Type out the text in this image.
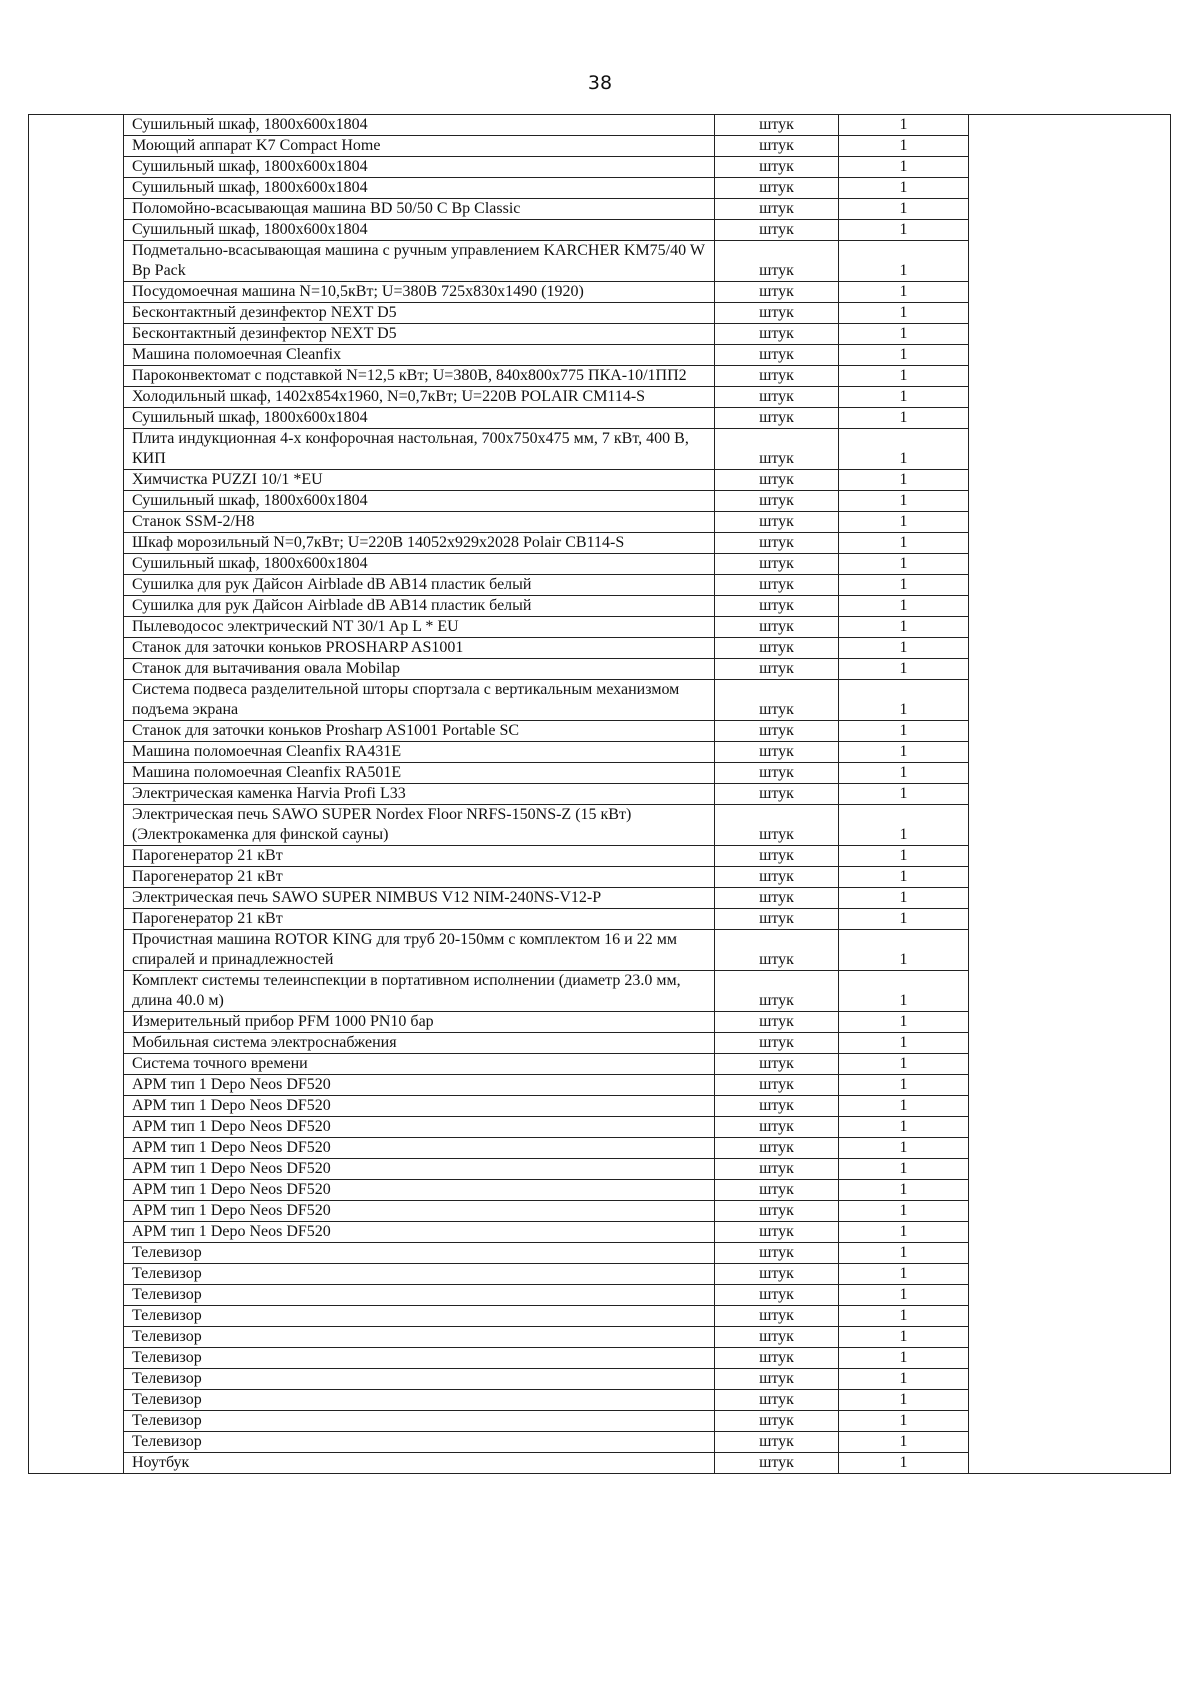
38
	Сушильный шкаф, 1800х600х1804	штук	1	
	Моющий аппарат K7 Compact Home	штук	1	
	Сушильный шкаф, 1800х600х1804	штук	1	
	Сушильный шкаф, 1800х600х1804	штук	1	
	Поломойно-всасывающая машина BD 50/50 C Bp Classic	штук	1	
	Сушильный шкаф, 1800х600х1804	штук	1	
	Подметально-всасывающая машина с ручным управлением KARCHER KM75/40 W Bp Pack	штук	1	
	Посудомоечная машина N=10,5кВт; U=380В 725х830х1490 (1920)	штук	1	
	Бесконтактный дезинфектор NEXT D5	штук	1	
	Бесконтактный дезинфектор NEXT D5	штук	1	
	Машина поломоечная Cleanfix	штук	1	
	Пароконвектомат с подставкой N=12,5 кВт; U=380В, 840х800х775 ПКА-10/1ПП2	штук	1	
	Холодильный шкаф, 1402х854х1960, N=0,7кВт; U=220В POLAIR CM114-S	штук	1	
	Сушильный шкаф, 1800х600х1804	штук	1	
	Плита индукционная 4-х конфорочная настольная, 700х750х475 мм, 7 кВт, 400 В, КИП	штук	1	
	Химчистка PUZZI 10/1 *EU	штук	1	
	Сушильный шкаф, 1800х600х1804	штук	1	
	Станок SSM-2/H8	штук	1	
	Шкаф морозильный N=0,7кВт; U=220В 14052х929х2028 Polair CB114-S	штук	1	
	Сушильный шкаф, 1800х600х1804	штук	1	
	Сушилка для рук Дайсон Airblade dB AB14 пластик белый	штук	1	
	Сушилка для рук Дайсон Airblade dB AB14 пластик белый	штук	1	
	Пылеводосос электрический NT 30/1 Ap L * EU	штук	1	
	Станок для заточки коньков PROSHARP AS1001	штук	1	
	Станок для вытачивания овала Mobilap	штук	1	
	Система подвеса разделительной шторы спортзала с вертикальным механизмом подъема экрана	штук	1	
	Станок для заточки коньков Prosharp AS1001 Portable SC	штук	1	
	Машина поломоечная Cleanfix RA431E	штук	1	
	Машина поломоечная Cleanfix RA501E	штук	1	
	Электрическая каменка Harvia Profi L33	штук	1	
	Электрическая печь SAWO SUPER Nordex Floor NRFS-150NS-Z (15 кВт) (Электрокаменка для финской сауны)	штук	1	
	Парогенератор 21 кВт	штук	1	
	Парогенератор 21 кВт	штук	1	
	Электрическая печь SAWO SUPER NIMBUS V12 NIM-240NS-V12-P	штук	1	
	Парогенератор 21 кВт	штук	1	
	Прочистная машина ROTOR KING для труб 20-150мм с комплектом 16 и 22 мм спиралей и принадлежностей	штук	1	
	Комплект системы телеинспекции в портативном исполнении (диаметр 23.0 мм, длина 40.0 м)	штук	1	
	Измерительный прибор PFM 1000 PN10 бар	штук	1	
	Мобильная система электроснабжения	штук	1	
	Система точного времени	штук	1	
	АРМ тип 1 Depo Neos DF520	штук	1	
	АРМ тип 1 Depo Neos DF520	штук	1	
	АРМ тип 1 Depo Neos DF520	штук	1	
	АРМ тип 1 Depo Neos DF520	штук	1	
	АРМ тип 1 Depo Neos DF520	штук	1	
	АРМ тип 1 Depo Neos DF520	штук	1	
	АРМ тип 1 Depo Neos DF520	штук	1	
	АРМ тип 1 Depo Neos DF520	штук	1	
	Телевизор	штук	1	
	Телевизор	штук	1	
	Телевизор	штук	1	
	Телевизор	штук	1	
	Телевизор	штук	1	
	Телевизор	штук	1	
	Телевизор	штук	1	
	Телевизор	штук	1	
	Телевизор	штук	1	
	Телевизор	штук	1	
	Ноутбук	штук	1	
